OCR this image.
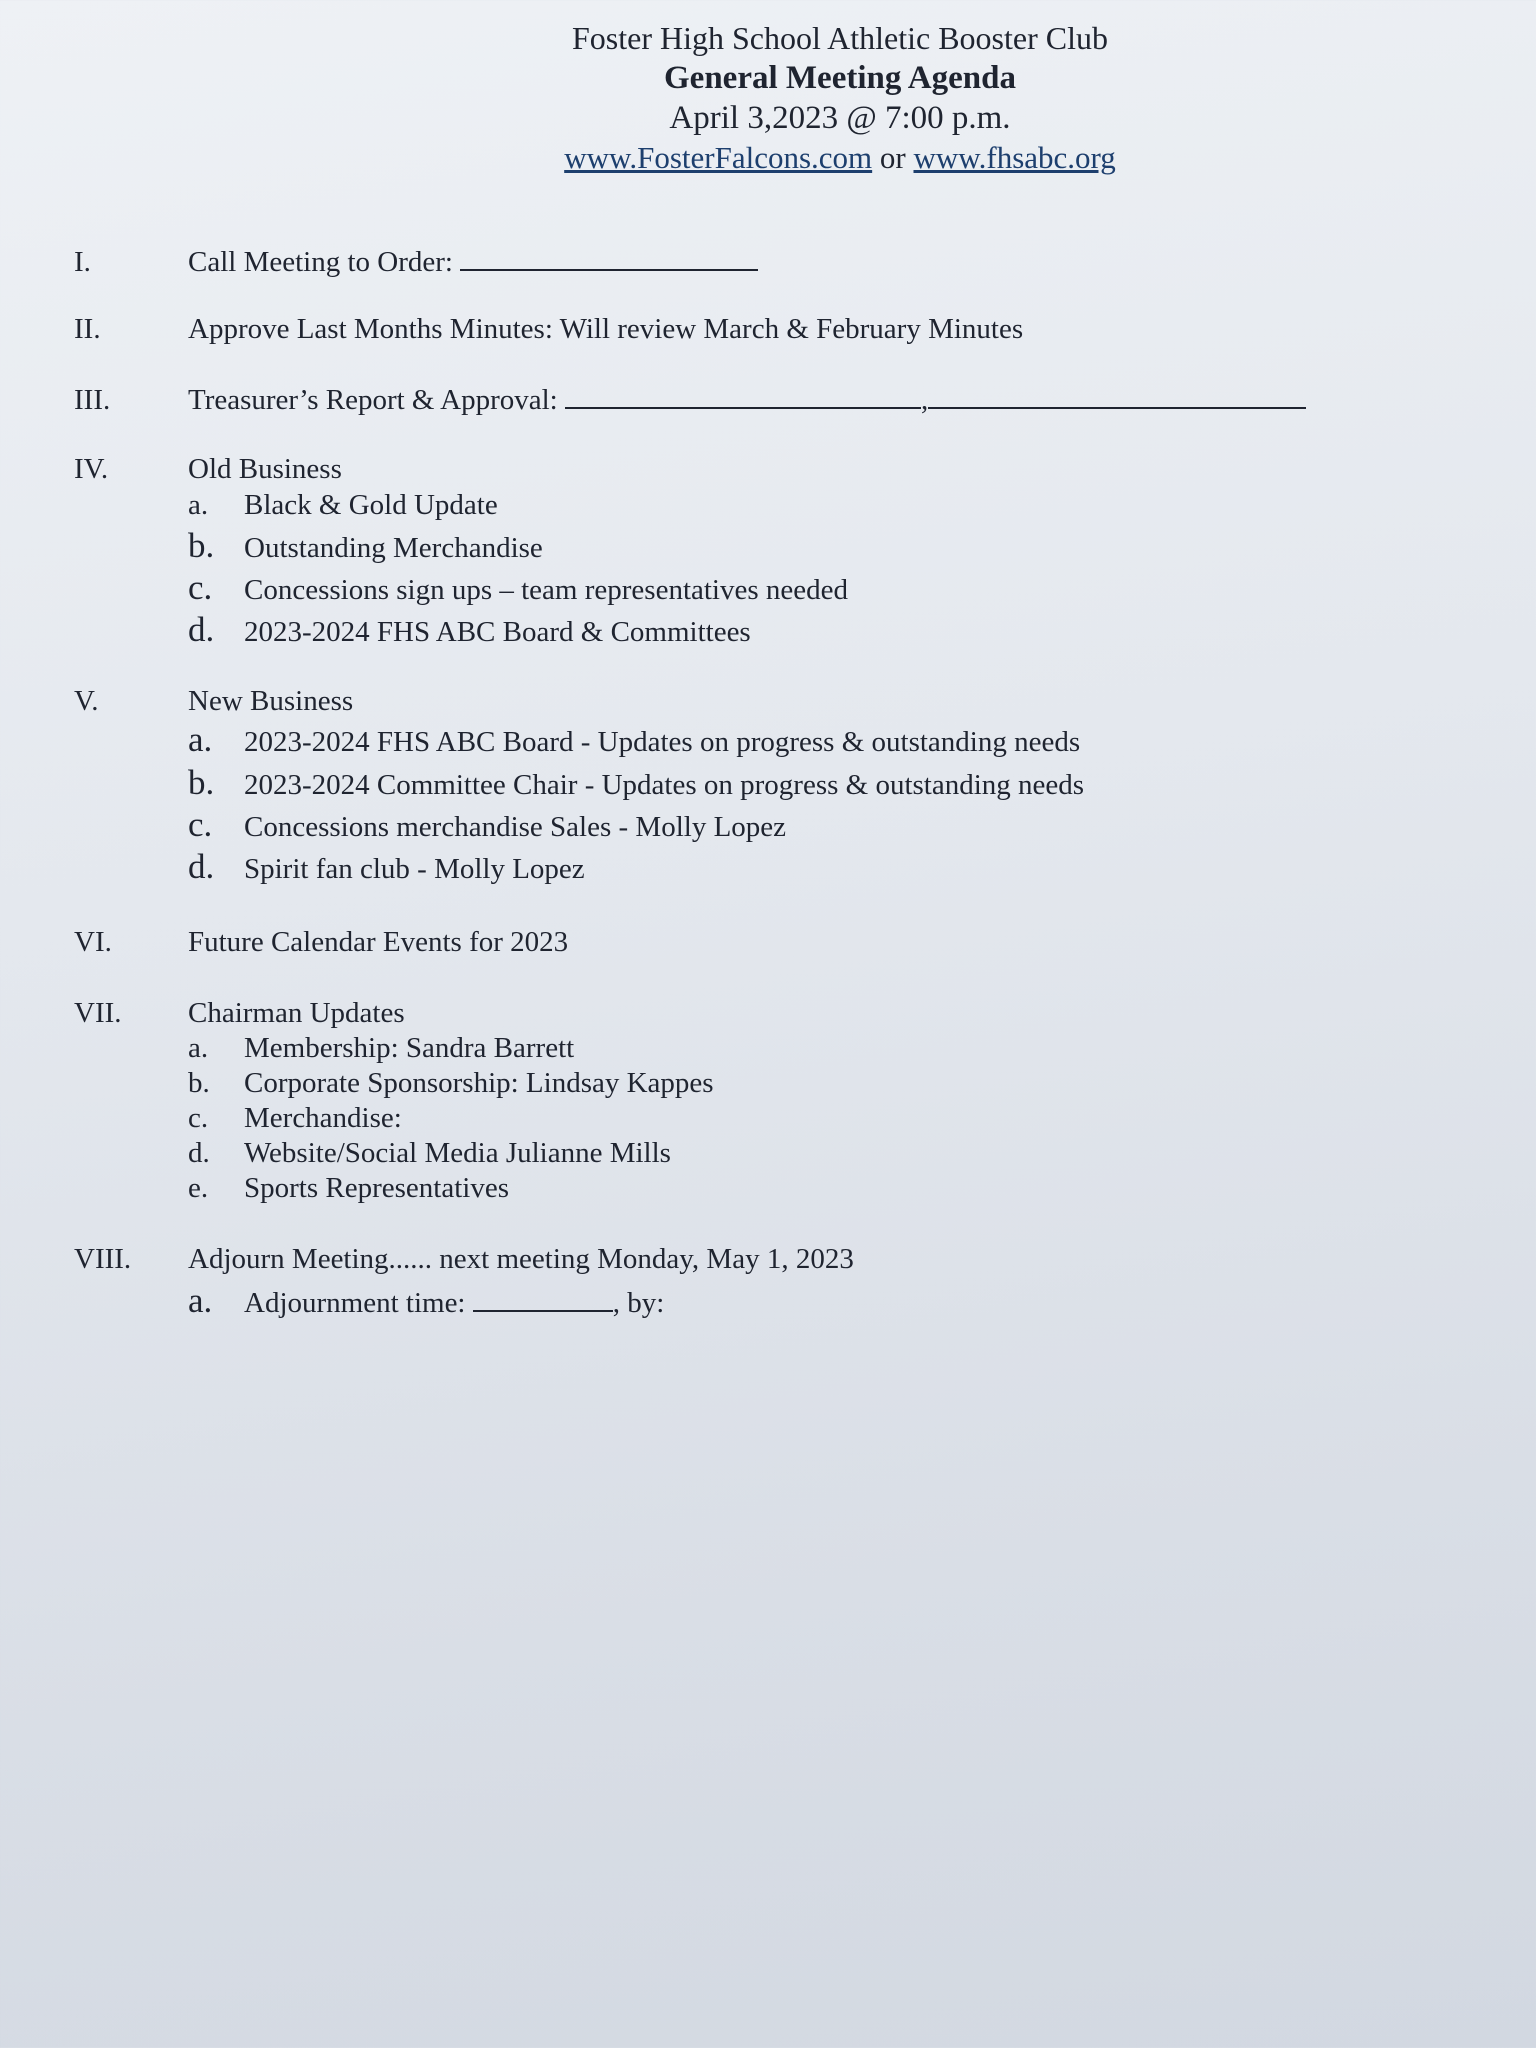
Foster High School Athletic Booster Club
General Meeting Agenda
April 3,2023 @ 7:00 p.m.
www.FosterFalcons.com or www.fhsabc.org
I.	Call Meeting to Order:
II.	Approve Last Months Minutes: Will review March & February Minutes
III.	Treasurer’s Report & Approval:	,
IV.	Old Business
a. Black & Gold Update
b. Outstanding Merchandise
c. Concessions sign ups – team representatives needed
d. 2023-2024 FHS ABC Board & Committees
V.	New Business
a. 2023-2024 FHS ABC Board - Updates on progress & outstanding needs
b. 2023-2024 Committee Chair - Updates on progress & outstanding needs
c. Concessions merchandise Sales - Molly Lopez
d. Spirit fan club - Molly Lopez
VI.	Future Calendar Events for 2023
VII. Chairman Updates
a. Membership: Sandra Barrett
b. Corporate Sponsorship: Lindsay Kappes
c. Merchandise:
d. Website/Social Media Julianne Mills
e. Sports Representatives
VIII. Adjourn Meeting...... next meeting Monday, May 1, 2023
a. Adjournment time:	, by:
